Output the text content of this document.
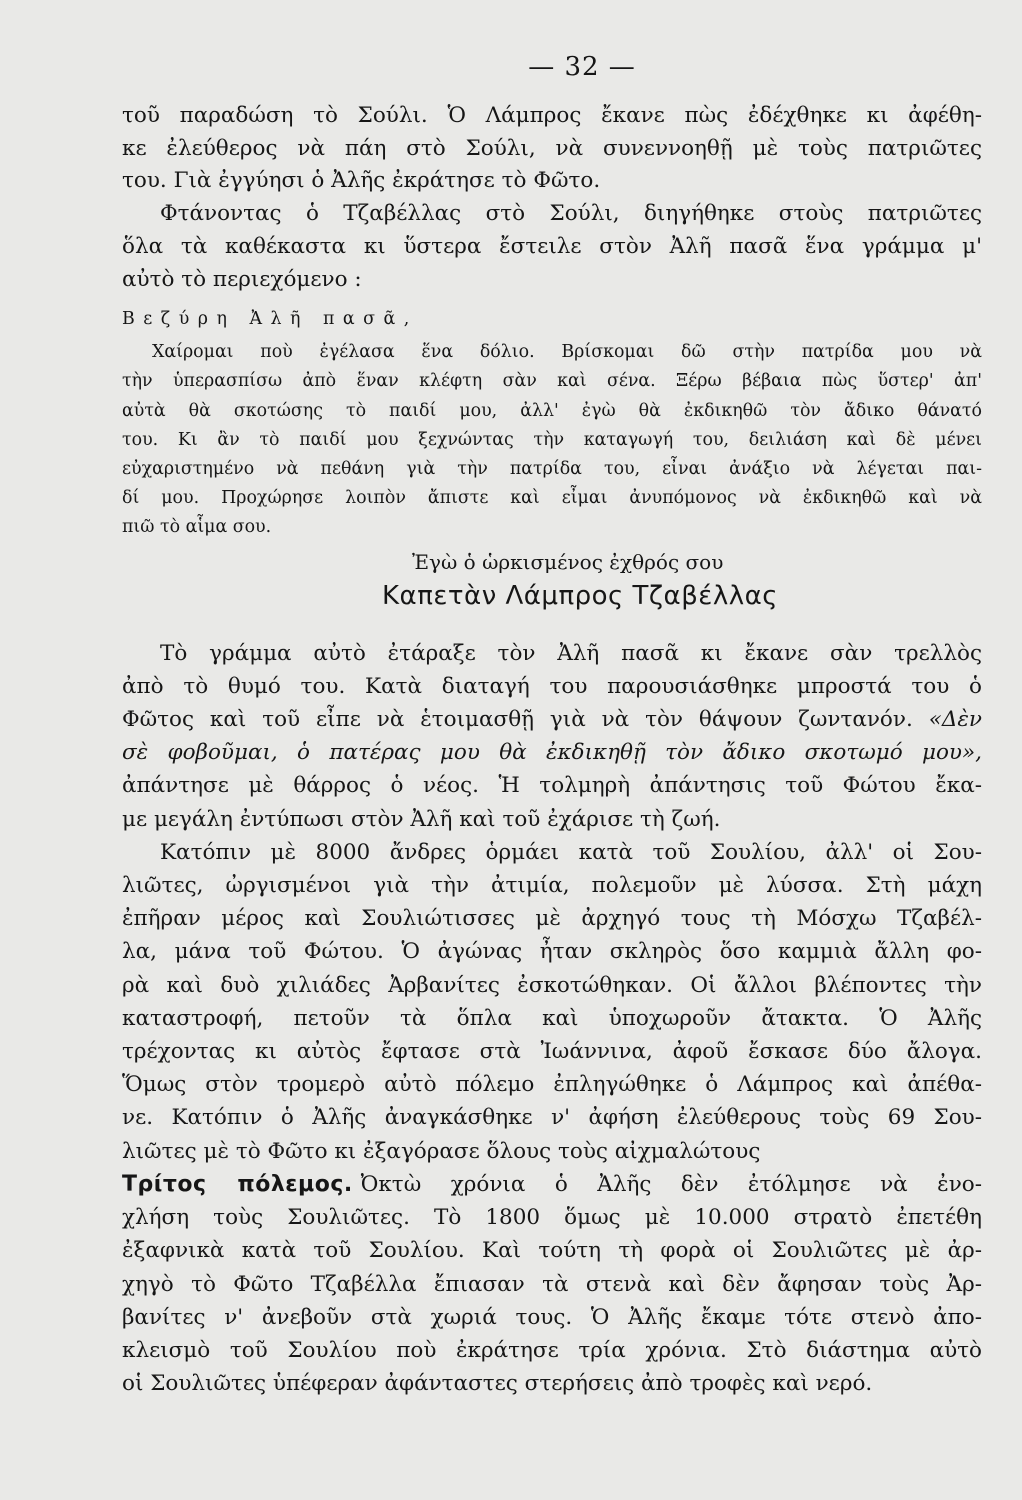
— 32 —
τοῦ παραδώση τὸ Σούλι. Ὁ Λάμπρος ἔκανε πὼς ἐδέχθηκε κι ἀφέθη-
κε ἐλεύθερος νὰ πάη στὸ Σούλι, νὰ συνεννοηθῇ μὲ τοὺς πατριῶτες
του. Γιὰ ἐγγύησι ὁ Ἀλῆς ἐκράτησε τὸ Φῶτο.
Φτάνοντας ὁ Τζαβέλλας στὸ Σούλι, διηγήθηκε στοὺς πατριῶτες
ὅλα τὰ καθέκαστα κι ὕστερα ἔστειλε στὸν Ἀλῆ πασᾶ ἕνα γράμμα μ'
αὐτὸ τὸ περιεχόμενο :
Βεζύρη Ἀλῆ πασᾶ,
Χαίρομαι ποὺ ἐγέλασα ἕνα δόλιο. Βρίσκομαι δῶ στὴν πατρίδα μου νὰ
τὴν ὑπερασπίσω ἀπὸ ἕναν κλέφτη σὰν καὶ σένα. Ξέρω βέβαια πὼς ὕστερ' ἀπ'
αὐτὰ θὰ σκοτώσης τὸ παιδί μου, ἀλλ' ἐγὼ θὰ ἐκδικηθῶ τὸν ἄδικο θάνατό
του. Κι ἂν τὸ παιδί μου ξεχνώντας τὴν καταγωγή του, δειλιάση καὶ δὲ μένει
εὐχαριστημένο νὰ πεθάνη γιὰ τὴν πατρίδα του, εἶναι ἀνάξιο νὰ λέγεται παι-
δί μου. Προχώρησε λοιπὸν ἄπιστε καὶ εἶμαι ἀνυπόμονος νὰ ἐκδικηθῶ καὶ νὰ
πιῶ τὸ αἷμα σου.
Ἐγὼ ὁ ὡρκισμένος ἐχθρός σου
Καπετὰν Λάμπρος Τζαβέλλας
Τὸ γράμμα αὐτὸ ἐτάραξε τὸν Ἀλῆ πασᾶ κι ἔκανε σὰν τρελλὸς
ἀπὸ τὸ θυμό του. Κατὰ διαταγή του παρουσιάσθηκε μπροστά του ὁ
Φῶτος καὶ τοῦ εἶπε νὰ ἑτοιμασθῇ γιὰ νὰ τὸν θάψουν ζωντανόν. «Δὲν
σὲ φοβοῦμαι, ὁ πατέρας μου θὰ ἐκδικηθῇ τὸν ἄδικο σκοτωμό μου»,
ἀπάντησε μὲ θάρρος ὁ νέος. Ἡ τολμηρὴ ἀπάντησις τοῦ Φώτου ἔκα-
με μεγάλη ἐντύπωσι στὸν Ἀλῆ καὶ τοῦ ἐχάρισε τὴ ζωή.
Κατόπιν μὲ 8000 ἄνδρες ὁρμάει κατὰ τοῦ Σουλίου, ἀλλ' οἱ Σου-
λιῶτες, ὠργισμένοι γιὰ τὴν ἀτιμία, πολεμοῦν μὲ λύσσα. Στὴ μάχη
ἐπῆραν μέρος καὶ Σουλιώτισσες μὲ ἀρχηγό τους τὴ Μόσχω Τζαβέλ-
λα, μάνα τοῦ Φώτου. Ὁ ἀγώνας ἦταν σκληρὸς ὅσο καμμιὰ ἄλλη φο-
ρὰ καὶ δυὸ χιλιάδες Ἀρβανίτες ἐσκοτώθηκαν. Οἱ ἄλλοι βλέποντες τὴν
καταστροφή, πετοῦν τὰ ὅπλα καὶ ὑποχωροῦν ἄτακτα. Ὁ Ἀλῆς
τρέχοντας κι αὐτὸς ἔφτασε στὰ Ἰωάννινα, ἀφοῦ ἔσκασε δύο ἄλογα.
Ὅμως στὸν τρομερὸ αὐτὸ πόλεμο ἐπληγώθηκε ὁ Λάμπρος καὶ ἀπέθα-
νε. Κατόπιν ὁ Ἀλῆς ἀναγκάσθηκε ν' ἀφήση ἐλεύθερους τοὺς 69 Σου-
λιῶτες μὲ τὸ Φῶτο κι ἐξαγόρασε ὅλους τοὺς αἰχμαλώτους
Τρίτος πόλεμος. Ὀκτὼ χρόνια ὁ Ἀλῆς δὲν ἐτόλμησε νὰ ἐνο-
χλήση τοὺς Σουλιῶτες. Τὸ 1800 ὅμως μὲ 10.000 στρατὸ ἐπετέθη
ἐξαφνικὰ κατὰ τοῦ Σουλίου. Καὶ τούτη τὴ φορὰ οἱ Σουλιῶτες μὲ ἀρ-
χηγὸ τὸ Φῶτο Τζαβέλλα ἔπιασαν τὰ στενὰ καὶ δὲν ἄφησαν τοὺς Ἀρ-
βανίτες ν' ἀνεβοῦν στὰ χωριά τους. Ὁ Ἀλῆς ἔκαμε τότε στενὸ ἀπο-
κλεισμὸ τοῦ Σουλίου ποὺ ἐκράτησε τρία χρόνια. Στὸ διάστημα αὐτὸ
οἱ Σουλιῶτες ὑπέφεραν ἀφάνταστες στερήσεις ἀπὸ τροφὲς καὶ νερό.
